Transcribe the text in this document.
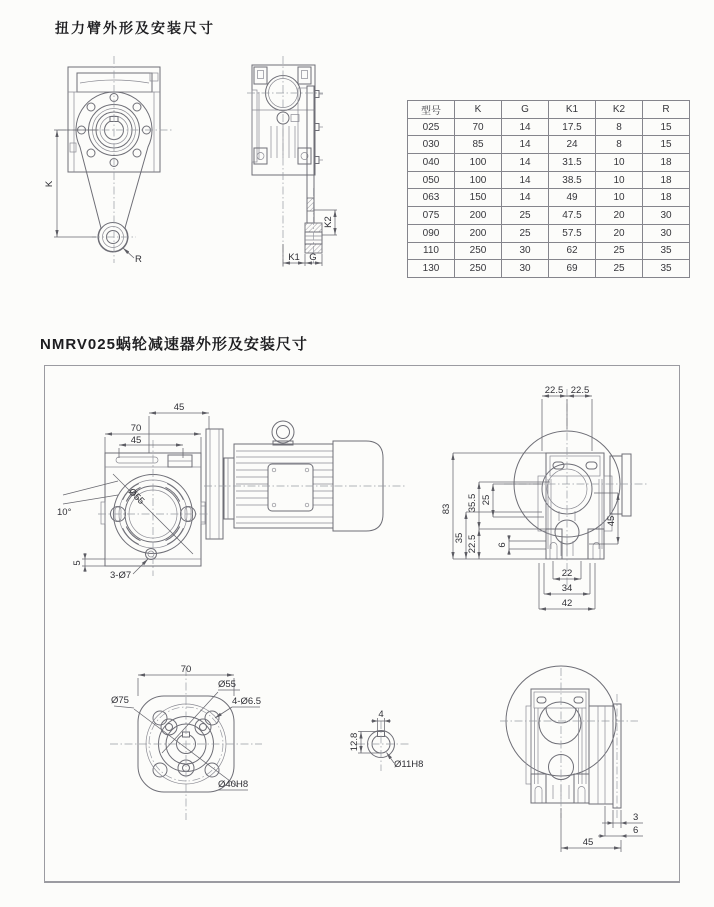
扭力臂外形及安装尺寸
K
R
K2
K1 G
型号	K	G	K1	K2	R
025	70	14	17.5	8	15
030	85	14	24	8	15
040	100	14	31.5	10	18
050	100	14	38.5	10	18
063	150	14	49	10	18
075	200	25	47.5	20	30
090	200	25	57.5	20	30
110	250	30	62	25	35
130	250	30	69	25	35
NMRV025蜗轮减速器外形及安装尺寸
10°
Ø55
5
3-Ø7
45
70
45
22.5 22.5
83
35
35.5
22.5
25
6
45
22
34
42
70
Ø75
Ø55
4-Ø6.5
Ø40H8
4
12.8
Ø11H8
3
6
45
